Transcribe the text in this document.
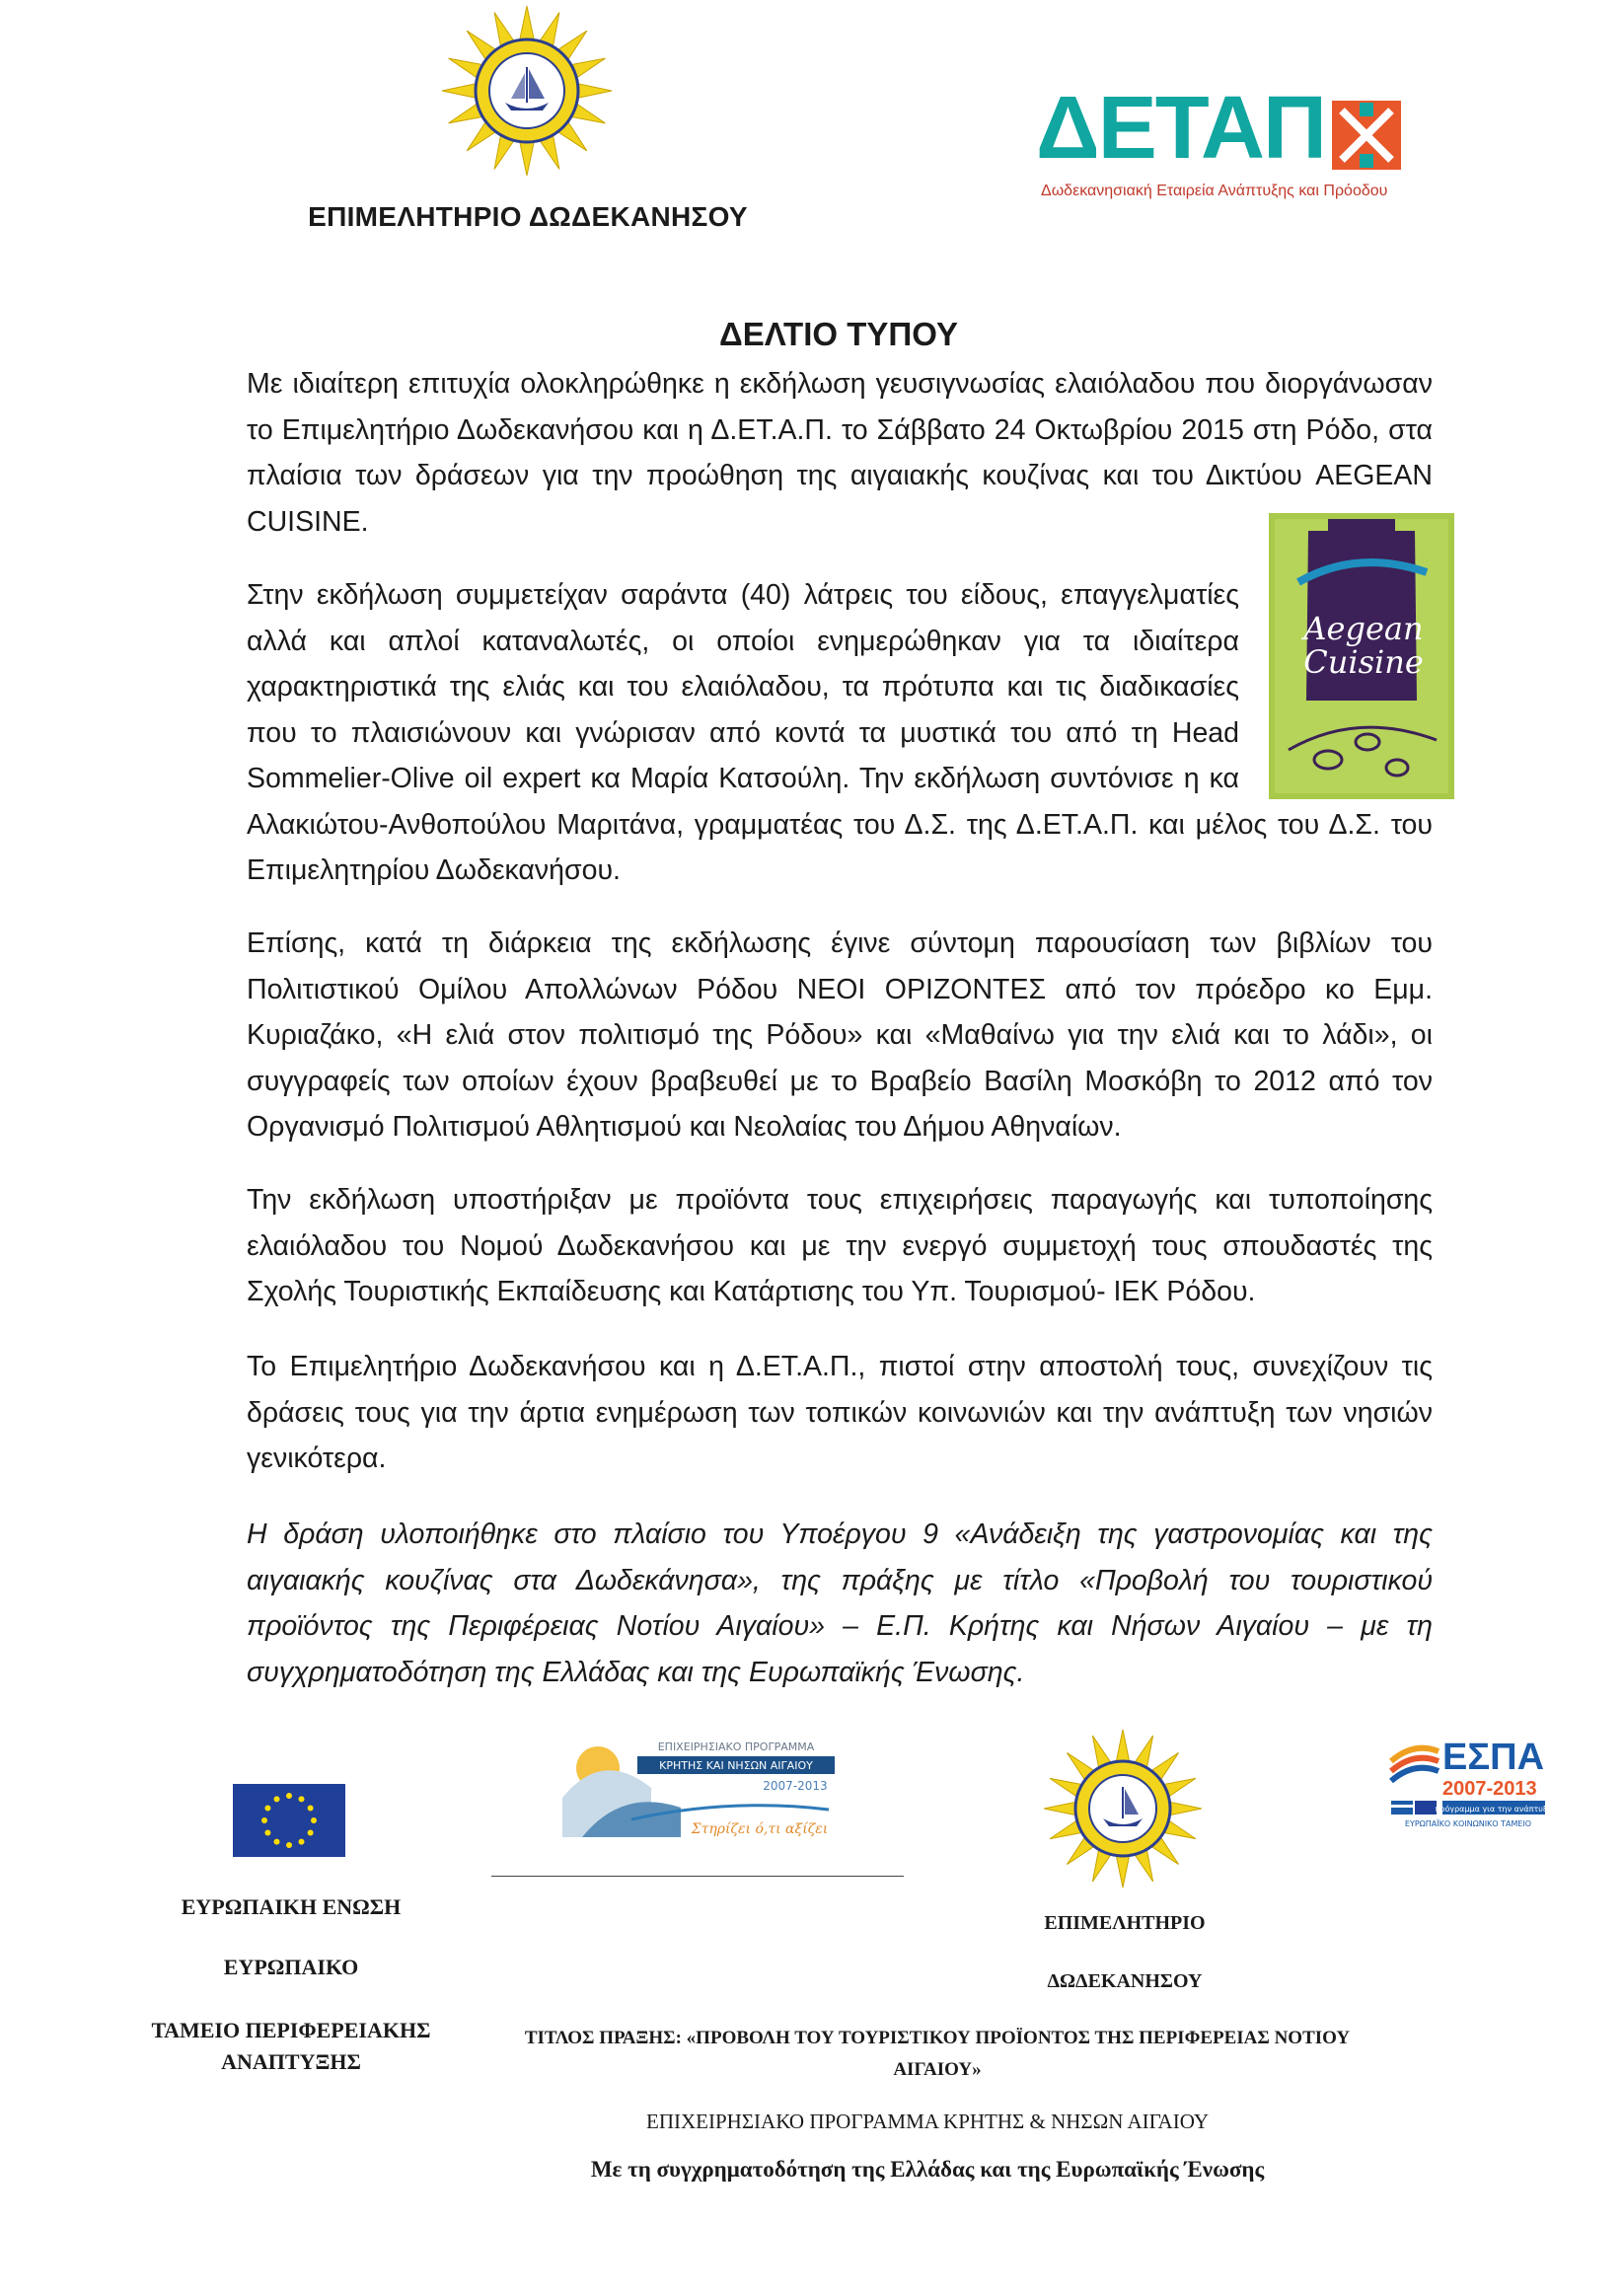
ΕΠΙΜΕΛΗΤΗΡΙΟ ΔΩΔΕΚΑΝΗΣΟΥ
ΔΕΤΑΠ
Δωδεκανησιακή Εταιρεία Ανάπτυξης και Πρόοδου
ΔΕΛΤΙΟ ΤΥΠΟΥ

Με ιδιαίτερη επιτυχία ολοκληρώθηκε η εκδήλωση γευσιγνωσίας ελαιόλαδου που διοργάνωσαν το Επιμελητήριο Δωδεκανήσου και η Δ.ΕΤ.Α.Π. το Σάββατο 24 Οκτωβρίου 2015 στη Ρόδο, στα πλαίσια των δράσεων για την προώθηση της αιγαιακής κουζίνας και του Δικτύου AEGEAN CUISINE.

Aegean
Cuisine
Στην εκδήλωση συμμετείχαν σαράντα (40) λάτρεις του είδους, επαγγελματίες αλλά και απλοί καταναλωτές, οι οποίοι ενημερώθηκαν για τα ιδιαίτερα χαρακτηριστικά της ελιάς και του ελαιόλαδου, τα πρότυπα και τις διαδικασίες που το πλαισιώνουν και γνώρισαν από κοντά τα μυστικά του από τη Head Sommelier-Olive oil expert κα Μαρία Κατσούλη. Την εκδήλωση συντόνισε η κα Αλακιώτου-Ανθοπούλου Μαριτάνα, γραμματέας του Δ.Σ. της Δ.ΕΤ.Α.Π. και μέλος του Δ.Σ. του Επιμελητηρίου Δωδεκανήσου.

Επίσης, κατά τη διάρκεια της εκδήλωσης έγινε σύντομη παρουσίαση των βιβλίων του Πολιτιστικού Ομίλου Απολλώνων Ρόδου ΝΕΟΙ ΟΡΙΖΟΝΤΕΣ από τον πρόεδρο κο Εμμ. Κυριαζάκο, «Η ελιά στον πολιτισμό της Ρόδου» και «Μαθαίνω για την ελιά και το λάδι», οι συγγραφείς των οποίων έχουν βραβευθεί με το Βραβείο Βασίλη Μοσκόβη το 2012 από τον Οργανισμό Πολιτισμού Αθλητισμού και Νεολαίας του Δήμου Αθηναίων.

Την εκδήλωση υποστήριξαν με προϊόντα τους επιχειρήσεις παραγωγής και τυποποίησης ελαιόλαδου του Νομού Δωδεκανήσου και με την ενεργό συμμετοχή τους σπουδαστές της Σχολής Τουριστικής Εκπαίδευσης και Κατάρτισης του Υπ. Τουρισμού- ΙΕΚ Ρόδου.

Το Επιμελητήριο Δωδεκανήσου και η Δ.ΕΤ.Α.Π., πιστοί στην αποστολή τους, συνεχίζουν τις δράσεις τους για την άρτια ενημέρωση των τοπικών κοινωνιών και την ανάπτυξη των νησιών γενικότερα.

Η δράση υλοποιήθηκε στο πλαίσιο του Υποέργου 9 «Ανάδειξη της γαστρονομίας και της αιγαιακής κουζίνας στα Δωδεκάνησα», της πράξης με τίτλο «Προβολή του τουριστικού προϊόντος της Περιφέρειας Νοτίου Αιγαίου» – Ε.Π. Κρήτης και Νήσων Αιγαίου – με τη συγχρηματοδότηση της Ελλάδας και της Ευρωπαϊκής Ένωσης.

ΕΠΙΧΕΙΡΗΣΙΑΚΟ ΠΡΟΓΡΑΜΜΑ
ΚΡΗΤΗΣ ΚΑΙ ΝΗΣΩΝ ΑΙΓΑΙΟΥ
2007-2013
Στηρίζει ό,τι αξίζει
ΕΣΠΑ
2007-2013
πρόγραμμα για την ανάπτυξη
ΕΥΡΩΠΑΪΚΟ ΚΟΙΝΩΝΙΚΟ ΤΑΜΕΙΟ
ΕΥΡΩΠΑΙΚΗ ΕΝΩΣΗ
ΕΥΡΩΠΑΙΚΟ
ΤΑΜΕΙΟ ΠΕΡΙΦΕΡΕΙΑΚΗΣ ΑΝΑΠΤΥΞΗΣ
ΕΠΙΜΕΛΗΤΗΡΙΟ
ΔΩΔΕΚΑΝΗΣΟΥ
ΤΙΤΛΟΣ ΠΡΑΞΗΣ: «ΠΡΟΒΟΛΗ ΤΟΥ ΤΟΥΡΙΣΤΙΚΟΥ ΠΡΟΪΟΝΤΟΣ ΤΗΣ ΠΕΡΙΦΕΡΕΙΑΣ ΝΟΤΙΟΥ ΑΙΓΑΙΟΥ»
ΕΠΙΧΕΙΡΗΣΙΑΚΟ ΠΡΟΓΡΑΜΜΑ ΚΡΗΤΗΣ & ΝΗΣΩΝ ΑΙΓΑΙΟΥ
Με τη συγχρηματοδότηση της Ελλάδας και της Ευρωπαϊκής Ένωσης
